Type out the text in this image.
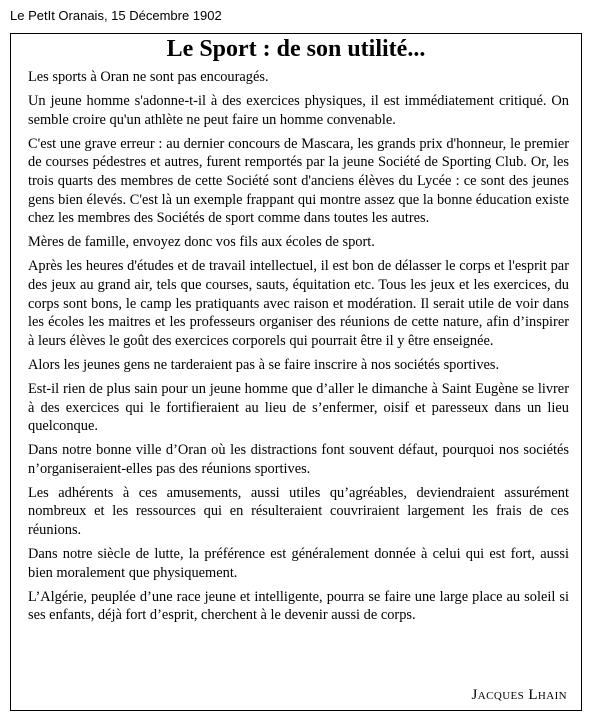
Le PetIt Oranais, 15 Décembre 1902
Le Sport : de son utilité...

Les sports à Oran ne sont pas encouragés.

Un jeune homme s'adonne-t-il à des exercices physiques, il est immédiatement critiqué. On semble croire qu'un athlète ne peut faire un homme convenable.

C'est une grave erreur : au dernier concours de Mascara, les grands prix d'honneur, le premier de courses pédestres et autres, furent remportés par la jeune Société de Sporting Club. Or, les trois quarts des membres de cette Société sont d'anciens élèves du Lycée : ce sont des jeunes gens bien élevés. C'est là un exemple frappant qui montre assez que la bonne éducation existe chez les membres des Sociétés de sport comme dans toutes les autres.

Mères de famille, envoyez donc vos fils aux écoles de sport.

Après les heures d'études et de travail intellectuel, il est bon de délasser le corps et l'esprit par des jeux au grand air, tels que courses, sauts, équitation etc. Tous les jeux et les exercices, du corps sont bons, le camp les pratiquants avec raison et modération. Il serait utile de voir dans les écoles les maitres et les professeurs organiser des réunions de cette nature, afin d’inspirer à leurs élèves le goût des exercices corporels qui pourrait être il y être enseignée.

Alors les jeunes gens ne tarderaient pas à se faire inscrire à nos sociétés sportives.

Est-il rien de plus sain pour un jeune homme que d’aller le dimanche à Saint Eugène se livrer à des exercices qui le fortifieraient au lieu de s’enfermer, oisif et paresseux dans un lieu quelconque.

Dans notre bonne ville d’Oran où les distractions font souvent défaut, pourquoi nos sociétés n’organiseraient-elles pas des réunions sportives.

Les adhérents à ces amusements, aussi utiles qu’agréables, deviendraient assurément nombreux et les ressources qui en résulteraient couvriraient largement les frais de ces réunions.

Dans notre siècle de lutte, la préférence est généralement donnée à celui qui est fort, aussi bien moralement que physiquement.

L’Algérie, peuplée d’une race jeune et intelligente, pourra se faire une large place au soleil si ses enfants, déjà fort d’esprit, cherchent à le devenir aussi de corps.

Jacques Lhain
